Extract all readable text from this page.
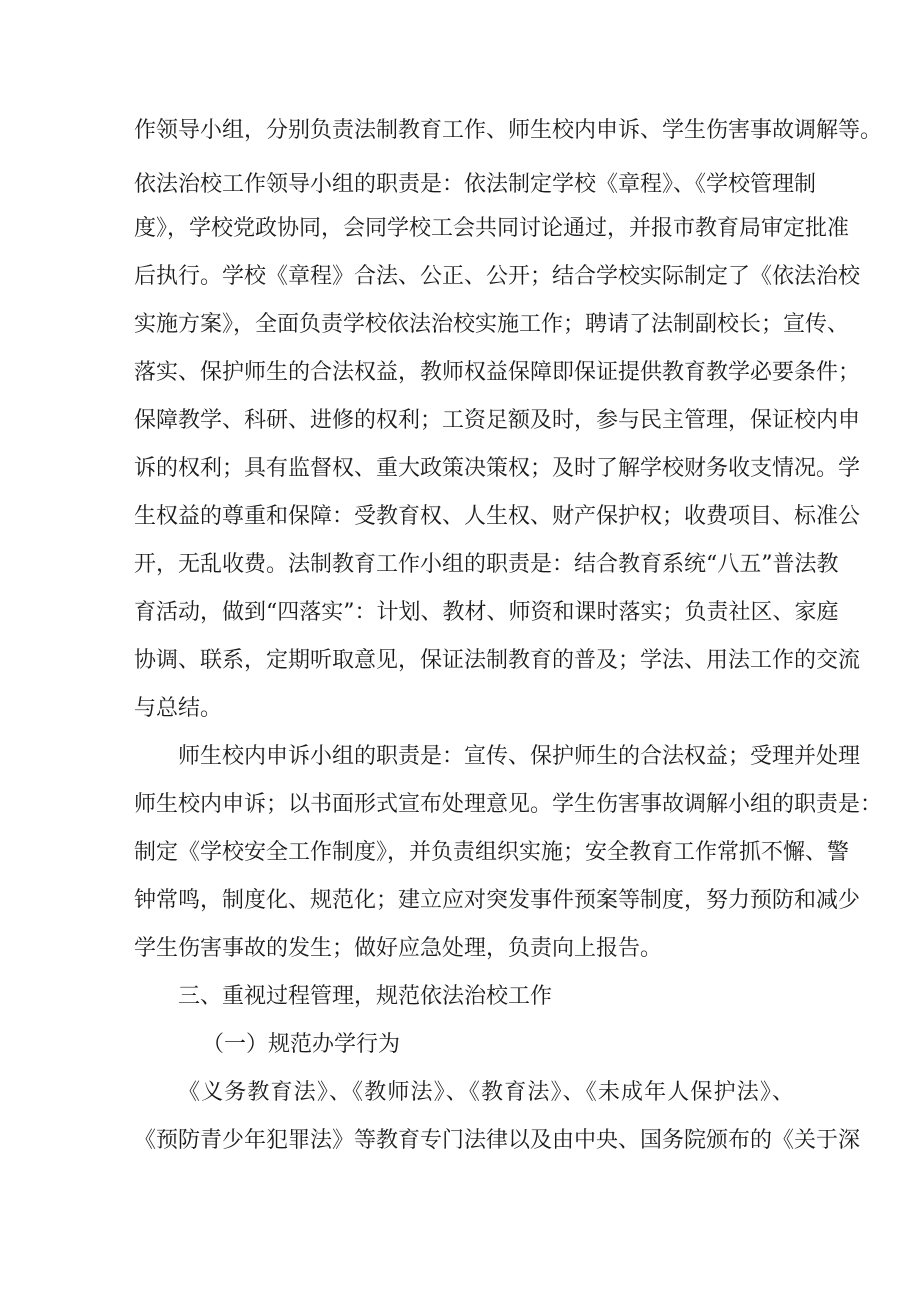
作领导小组，分别负责法制教育工作、师生校内申诉、学生伤害事故调解等。
依法治校工作领导小组的职责是：依法制定学校《章程》、《学校管理制
度》，学校党政协同，会同学校工会共同讨论通过，并报市教育局审定批准
后执行。学校《章程》合法、公正、公开；结合学校实际制定了《依法治校
实施方案》，全面负责学校依法治校实施工作；聘请了法制副校长；宣传、
落实、保护师生的合法权益，教师权益保障即保证提供教育教学必要条件；
保障教学、科研、进修的权利；工资足额及时，参与民主管理，保证校内申
诉的权利；具有监督权、重大政策决策权；及时了解学校财务收支情况。学
生权益的尊重和保障：受教育权、人生权、财产保护权；收费项目、标准公
开，无乱收费。法制教育工作小组的职责是：结合教育系统“八五”普法教
育活动，做到“四落实”：计划、教材、师资和课时落实；负责社区、家庭
协调、联系，定期听取意见，保证法制教育的普及；学法、用法工作的交流
与总结。
师生校内申诉小组的职责是：宣传、保护师生的合法权益；受理并处理
师生校内申诉；以书面形式宣布处理意见。学生伤害事故调解小组的职责是：
制定《学校安全工作制度》，并负责组织实施；安全教育工作常抓不懈、警
钟常鸣，制度化、规范化；建立应对突发事件预案等制度，努力预防和减少
学生伤害事故的发生；做好应急处理，负责向上报告。
三、重视过程管理，规范依法治校工作
（一）规范办学行为
《义务教育法》、《教师法》、《教育法》、《未成年人保护法》、
《预防青少年犯罪法》等教育专门法律以及由中央、国务院颁布的《关于深
